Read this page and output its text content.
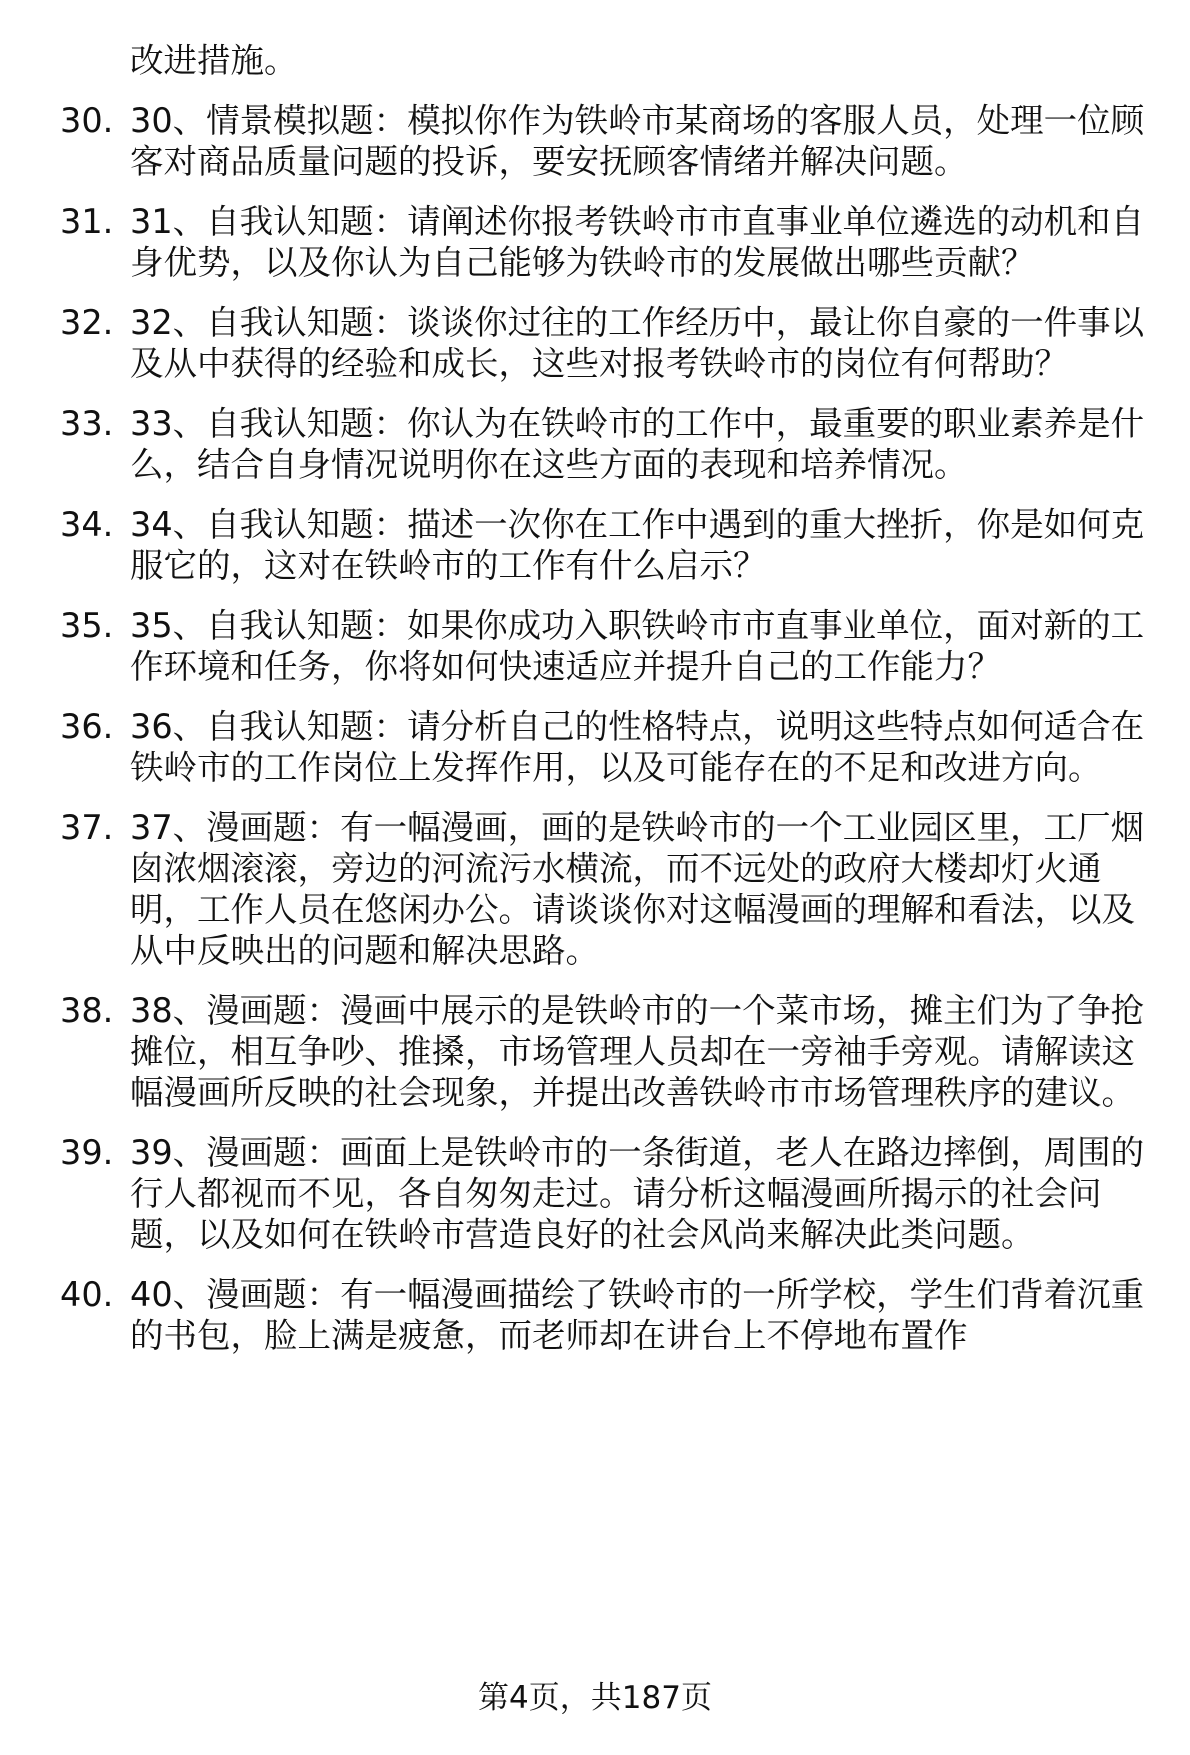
改进措施。
30. 30、情景模拟题：模拟你作为铁岭市某商场的客服人员，处理一位顾客对商品质量问题的投诉，要安抚顾客情绪并解决问题。
31. 31、自我认知题：请阐述你报考铁岭市市直事业单位遴选的动机和自身优势，以及你认为自己能够为铁岭市的发展做出哪些贡献？
32. 32、自我认知题：谈谈你过往的工作经历中，最让你自豪的一件事以及从中获得的经验和成长，这些对报考铁岭市的岗位有何帮助？
33. 33、自我认知题：你认为在铁岭市的工作中，最重要的职业素养是什么，结合自身情况说明你在这些方面的表现和培养情况。
34. 34、自我认知题：描述一次你在工作中遇到的重大挫折，你是如何克服它的，这对在铁岭市的工作有什么启示？
35. 35、自我认知题：如果你成功入职铁岭市市直事业单位，面对新的工作环境和任务，你将如何快速适应并提升自己的工作能力？
36. 36、自我认知题：请分析自己的性格特点，说明这些特点如何适合在铁岭市的工作岗位上发挥作用，以及可能存在的不足和改进方向。
37. 37、漫画题：有一幅漫画，画的是铁岭市的一个工业园区里，工厂烟囱浓烟滚滚，旁边的河流污水横流，而不远处的政府大楼却灯火通明，工作人员在悠闲办公。请谈谈你对这幅漫画的理解和看法，以及从中反映出的问题和解决思路。
38. 38、漫画题：漫画中展示的是铁岭市的一个菜市场，摊主们为了争抢摊位，相互争吵、推搡，市场管理人员却在一旁袖手旁观。请解读这幅漫画所反映的社会现象，并提出改善铁岭市市场管理秩序的建议。
39. 39、漫画题：画面上是铁岭市的一条街道，老人在路边摔倒，周围的行人都视而不见，各自匆匆走过。请分析这幅漫画所揭示的社会问题，以及如何在铁岭市营造良好的社会风尚来解决此类问题。
40. 40、漫画题：有一幅漫画描绘了铁岭市的一所学校，学生们背着沉重的书包，脸上满是疲惫，而老师却在讲台上不停地布置作
第4页，共187页
